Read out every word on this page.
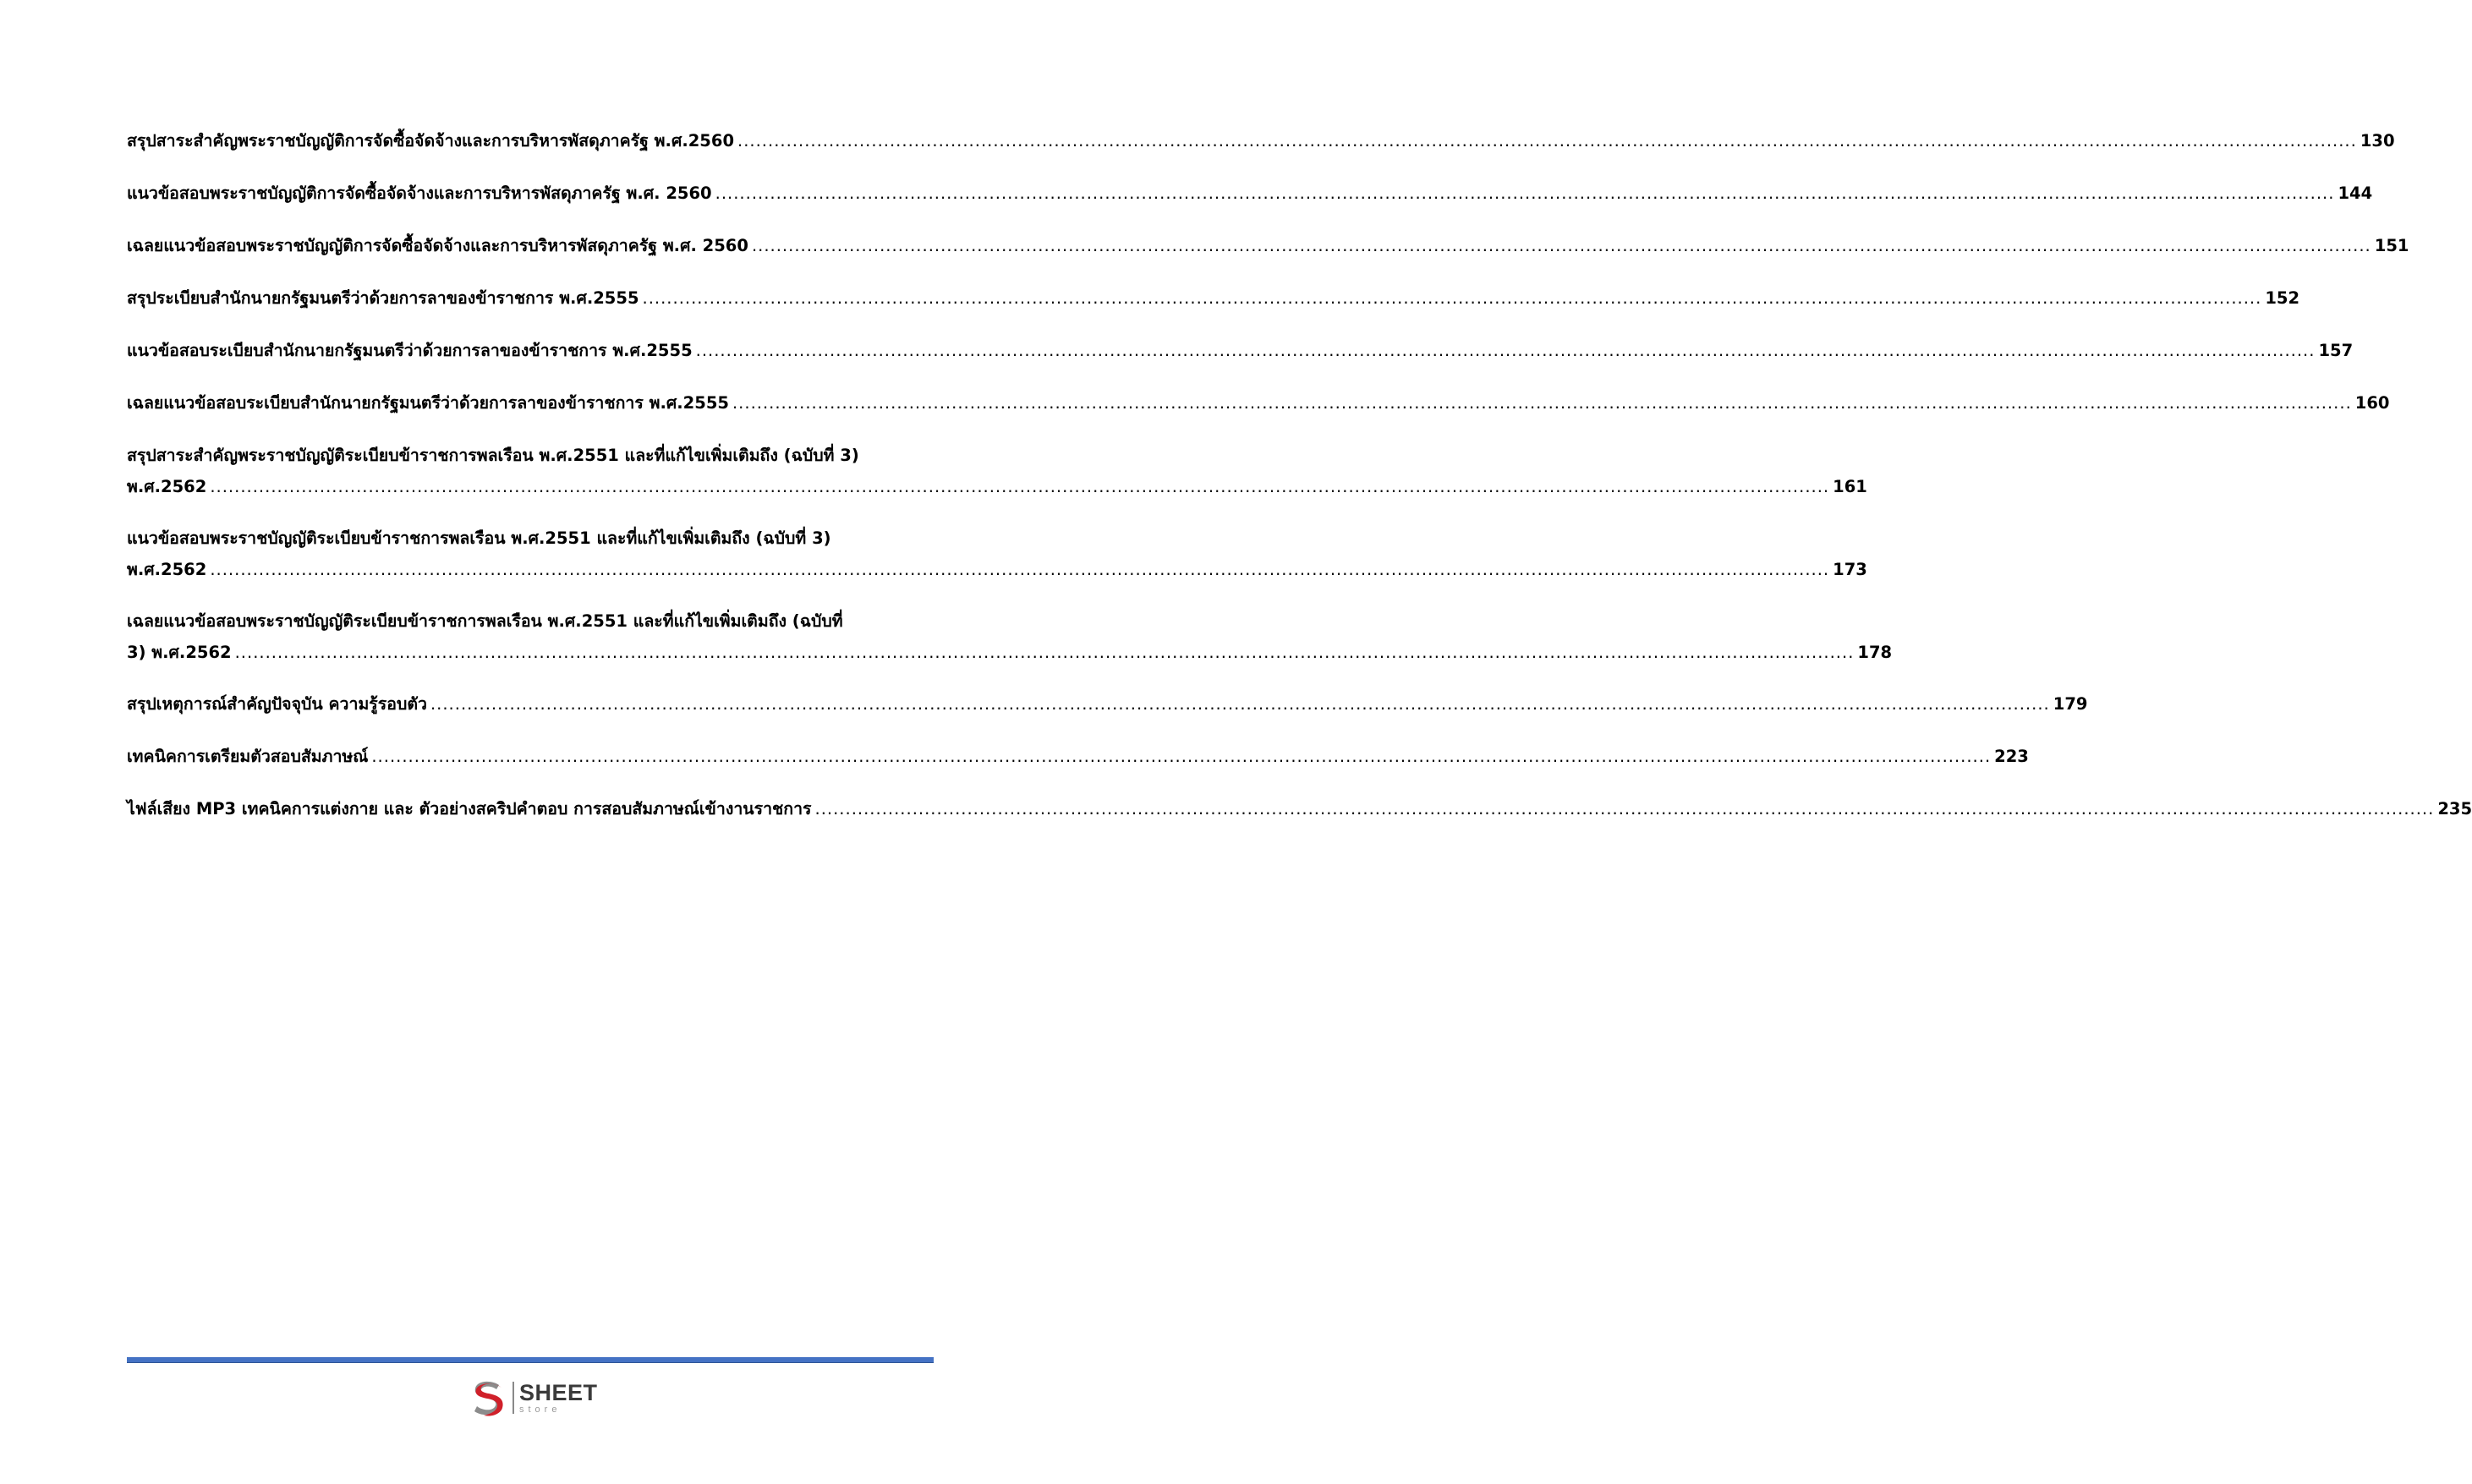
สรุปสาระสำคัญพระราชบัญญัติการจัดซื้อจัดจ้างและการบริหารพัสดุภาครัฐ พ.ศ.2560 .....	130
แนวข้อสอบพระราชบัญญัติการจัดซื้อจัดจ้างและการบริหารพัสดุภาครัฐ พ.ศ. 2560 .....	144
เฉลยแนวข้อสอบพระราชบัญญัติการจัดซื้อจัดจ้างและการบริหารพัสดุภาครัฐ พ.ศ. 2560 .....	151
สรุประเบียบสำนักนายกรัฐมนตรีว่าด้วยการลาของข้าราชการ พ.ศ.2555 .....	152
แนวข้อสอบระเบียบสำนักนายกรัฐมนตรีว่าด้วยการลาของข้าราชการ พ.ศ.2555 .....	157
เฉลยแนวข้อสอบระเบียบสำนักนายกรัฐมนตรีว่าด้วยการลาของข้าราชการ พ.ศ.2555 .....	160
สรุปสาระสำคัญพระราชบัญญัติระเบียบข้าราชการพลเรือน พ.ศ.2551 และที่แก้ไขเพิ่มเติมถึง (ฉบับที่ 3)
พ.ศ.2562 .....	161
แนวข้อสอบพระราชบัญญัติระเบียบข้าราชการพลเรือน พ.ศ.2551 และที่แก้ไขเพิ่มเติมถึง (ฉบับที่ 3)
พ.ศ.2562 .....	173
เฉลยแนวข้อสอบพระราชบัญญัติระเบียบข้าราชการพลเรือน พ.ศ.2551 และที่แก้ไขเพิ่มเติมถึง (ฉบับที่
3) พ.ศ.2562 .....	178
สรุปเหตุการณ์สำคัญปัจจุบัน ความรู้รอบตัว .....	179
เทคนิคการเตรียมตัวสอบสัมภาษณ์ .....	223
ไฟล์เสียง MP3 เทคนิคการแต่งกาย และ ตัวอย่างสคริปคำตอบ การสอบสัมภาษณ์เข้างานราชการ .....	235
SHEET
store
